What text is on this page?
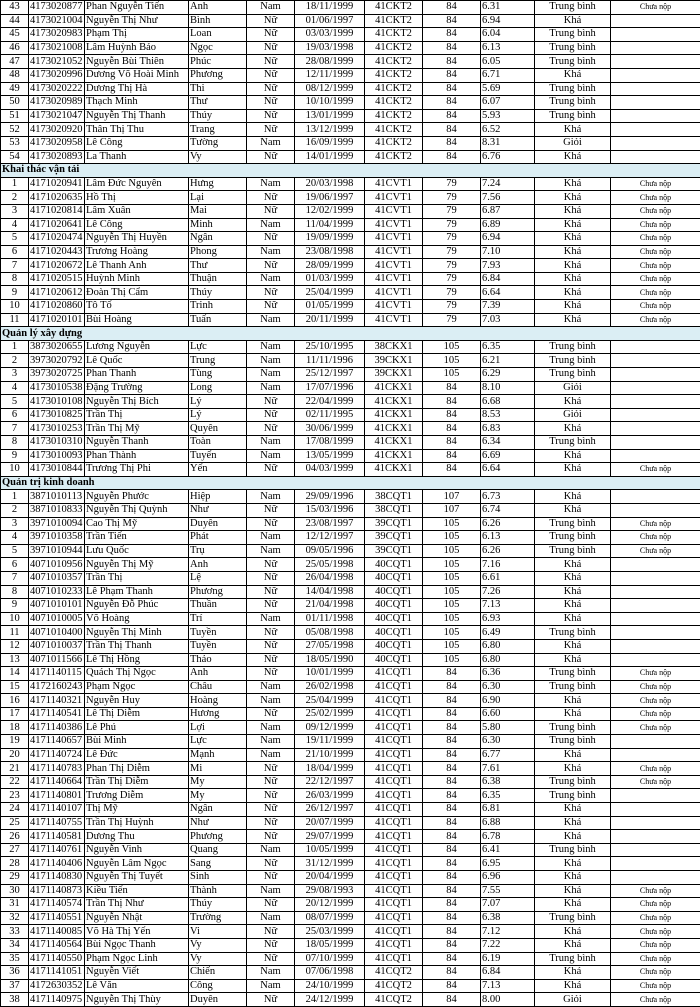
43	4173020877	Phan Nguyễn Tiến	Anh	Nam	18/11/1999	41CKT2	84	6.31	Trung bình	Chưa nộp
44	4173021004	Nguyễn Thị Như	Bình	Nữ	01/06/1997	41CKT2	84	6.94	Khá	
45	4173020983	Phạm Thị	Loan	Nữ	03/03/1999	41CKT2	84	6.04	Trung bình	
46	4173021008	Lâm Huỳnh Bảo	Ngọc	Nữ	19/03/1998	41CKT2	84	6.13	Trung bình	
47	4173021052	Nguyễn Bùi Thiên	Phúc	Nữ	28/08/1999	41CKT2	84	6.05	Trung bình	
48	4173020996	Dương Võ Hoài Minh	Phương	Nữ	12/11/1999	41CKT2	84	6.71	Khá	
49	4173020222	Dương Thị Hà	Thi	Nữ	08/12/1999	41CKT2	84	5.69	Trung bình	
50	4173020989	Thạch Minh	Thư	Nữ	10/10/1999	41CKT2	84	6.07	Trung bình	
51	4173021047	Nguyễn Thị Thanh	Thúy	Nữ	13/01/1999	41CKT2	84	5.93	Trung bình	
52	4173020920	Thân Thị Thu	Trang	Nữ	13/12/1999	41CKT2	84	6.52	Khá	
53	4173020958	Lê Công	Tường	Nam	16/09/1999	41CKT2	84	8.31	Giỏi	
54	4173020893	La Thanh	Vy	Nữ	14/01/1999	41CKT2	84	6.76	Khá	
Khai thác vận tải										
1	4171020941	Lâm Đức Nguyên	Hưng	Nam	20/03/1998	41CVT1	79	7.24	Khá	Chưa nộp
2	4171020635	Hồ Thị	Lại	Nữ	19/06/1997	41CVT1	79	7.56	Khá	Chưa nộp
3	4171020814	Lâm Xuân	Mai	Nữ	12/02/1999	41CVT1	79	6.87	Khá	Chưa nộp
4	4171020641	Lê Công	Minh	Nam	11/04/1999	41CVT1	79	6.89	Khá	Chưa nộp
5	4171020474	Nguyễn Thị Huyền	Ngân	Nữ	19/09/1999	41CVT1	79	6.94	Khá	Chưa nộp
6	4171020443	Trương Hoàng	Phong	Nam	23/08/1998	41CVT1	79	7.10	Khá	Chưa nộp
7	4171020672	Lê Thanh Anh	Thư	Nữ	28/09/1999	41CVT1	79	7.93	Khá	Chưa nộp
8	4171020515	Huỳnh Minh	Thuận	Nam	01/03/1999	41CVT1	79	6.84	Khá	Chưa nộp
9	4171020612	Đoàn Thị Cẩm	Thúy	Nữ	25/04/1999	41CVT1	79	6.64	Khá	Chưa nộp
10	4171020860	Tô Tố	Trinh	Nữ	01/05/1999	41CVT1	79	7.39	Khá	Chưa nộp
11	4171020101	Bùi Hoàng	Tuấn	Nam	20/11/1999	41CVT1	79	7.03	Khá	Chưa nộp
Quản lý xây dựng										
1	3873020655	Lương Nguyễn	Lực	Nam	25/10/1995	38CKX1	105	6.35	Trung bình	
2	3973020792	Lê Quốc	Trung	Nam	11/11/1996	39CKX1	105	6.21	Trung bình	
3	3973020725	Phan Thanh	Tùng	Nam	25/12/1997	39CKX1	105	6.29	Trung bình	
4	4173010538	Đặng Trường	Long	Nam	17/07/1996	41CKX1	84	8.10	Giỏi	
5	4173010108	Nguyễn Thị Bích	Lý	Nữ	22/04/1999	41CKX1	84	6.68	Khá	
6	4173010825	Trần Thị	Lý	Nữ	02/11/1995	41CKX1	84	8.53	Giỏi	
7	4173010253	Trần Thị Mỹ	Quyên	Nữ	30/06/1999	41CKX1	84	6.83	Khá	
8	4173010310	Nguyễn Thanh	Toàn	Nam	17/08/1999	41CKX1	84	6.34	Trung bình	
9	4173010093	Phan Thành	Tuyến	Nam	13/05/1999	41CKX1	84	6.69	Khá	
10	4173010844	Trương Thị Phi	Yến	Nữ	04/03/1999	41CKX1	84	6.64	Khá	Chưa nộp
Quản trị kinh doanh										
1	3871010113	Nguyễn Phước	Hiệp	Nam	29/09/1996	38CQT1	107	6.73	Khá	
2	3871010833	Nguyễn Thị Quỳnh	Như	Nữ	15/03/1996	38CQT1	107	6.74	Khá	
3	3971010094	Cao Thị Mỹ	Duyên	Nữ	23/08/1997	39CQT1	105	6.26	Trung bình	Chưa nộp
4	3971010358	Trần Tiến	Phát	Nam	12/12/1997	39CQT1	105	6.13	Trung bình	Chưa nộp
5	3971010944	Lưu Quốc	Trụ	Nam	09/05/1996	39CQT1	105	6.26	Trung bình	Chưa nộp
6	4071010956	Nguyễn Thị Mỹ	Anh	Nữ	25/05/1998	40CQT1	105	7.16	Khá	
7	4071010357	Trần Thị	Lệ	Nữ	26/04/1998	40CQT1	105	6.61	Khá	
8	4071010233	Lê Phạm Thanh	Phương	Nữ	14/04/1998	40CQT1	105	7.26	Khá	
9	4071010101	Nguyễn Đỗ Phúc	Thuần	Nữ	21/04/1998	40CQT1	105	7.13	Khá	
10	4071010005	Võ Hoàng	Trí	Nam	01/11/1998	40CQT1	105	6.93	Khá	
11	4071010400	Nguyễn Thị Minh	Tuyền	Nữ	05/08/1998	40CQT1	105	6.49	Trung bình	
12	4071010037	Trần Thị Thanh	Tuyền	Nữ	27/05/1998	40CQT1	105	6.80	Khá	
13	4071011566	Lê Thị Hồng	Thảo	Nữ	18/05/1990	40CQT1	105	6.80	Khá	
14	4171140115	Quách Thị Ngọc	Anh	Nữ	10/01/1999	41CQT1	84	6.36	Trung bình	Chưa nộp
15	4172160243	Phạm Ngọc	Châu	Nam	26/02/1998	41CQT1	84	6.30	Trung bình	Chưa nộp
16	4171140321	Nguyễn Huy	Hoàng	Nam	25/04/1999	41CQT1	84	6.90	Khá	Chưa nộp
17	4171140541	Lê Thị Diễm	Hương	Nữ	25/02/1999	41CQT1	84	6.60	Khá	Chưa nộp
18	4171140386	Lê Phú	Lợi	Nam	09/12/1999	41CQT1	84	5.80	Trung bình	Chưa nộp
19	4171140657	Bùi Minh	Lực	Nam	19/11/1999	41CQT1	84	6.30	Trung bình	
20	4171140724	Lê Đức	Mạnh	Nam	21/10/1999	41CQT1	84	6.77	Khá	
21	4171140783	Phan Thị Diễm	Mi	Nữ	18/04/1999	41CQT1	84	7.61	Khá	Chưa nộp
22	4171140664	Trần Thị Diễm	My	Nữ	22/12/1997	41CQT1	84	6.38	Trung bình	Chưa nộp
23	4171140801	Trương Diễm	My	Nữ	26/03/1999	41CQT1	84	6.35	Trung bình	
24	4171140107	Thị Mỹ	Ngân	Nữ	26/12/1997	41CQT1	84	6.81	Khá	
25	4171140755	Trần Thị Huỳnh	Như	Nữ	20/07/1999	41CQT1	84	6.88	Khá	
26	4171140581	Dương Thu	Phương	Nữ	29/07/1999	41CQT1	84	6.78	Khá	
27	4171140761	Nguyễn Vinh	Quang	Nam	10/05/1999	41CQT1	84	6.41	Trung bình	
28	4171140406	Nguyễn Lâm Ngọc	Sang	Nữ	31/12/1999	41CQT1	84	6.95	Khá	
29	4171140830	Nguyễn Thị Tuyết	Sinh	Nữ	20/04/1999	41CQT1	84	6.96	Khá	
30	4171140873	Kiều Tiến	Thành	Nam	29/08/1993	41CQT1	84	7.55	Khá	Chưa nộp
31	4171140574	Trần Thị Như	Thúy	Nữ	20/12/1999	41CQT1	84	7.07	Khá	Chưa nộp
32	4171140551	Nguyễn Nhật	Trường	Nam	08/07/1999	41CQT1	84	6.38	Trung bình	Chưa nộp
33	4171140085	Võ Hà Thị Yến	Vi	Nữ	25/03/1999	41CQT1	84	7.12	Khá	Chưa nộp
34	4171140564	Bùi Ngọc Thanh	Vy	Nữ	18/05/1999	41CQT1	84	7.22	Khá	Chưa nộp
35	4171140550	Phạm Ngọc Linh	Vy	Nữ	07/10/1999	41CQT1	84	6.19	Trung bình	Chưa nộp
36	4171141051	Nguyễn Viết	Chiến	Nam	07/06/1998	41CQT2	84	6.84	Khá	Chưa nộp
37	4172630352	Lê Văn	Công	Nam	24/10/1999	41CQT2	84	7.13	Khá	Chưa nộp
38	4171140975	Nguyễn Thị Thùy	Duyên	Nữ	24/12/1999	41CQT2	84	8.00	Giỏi	Chưa nộp
